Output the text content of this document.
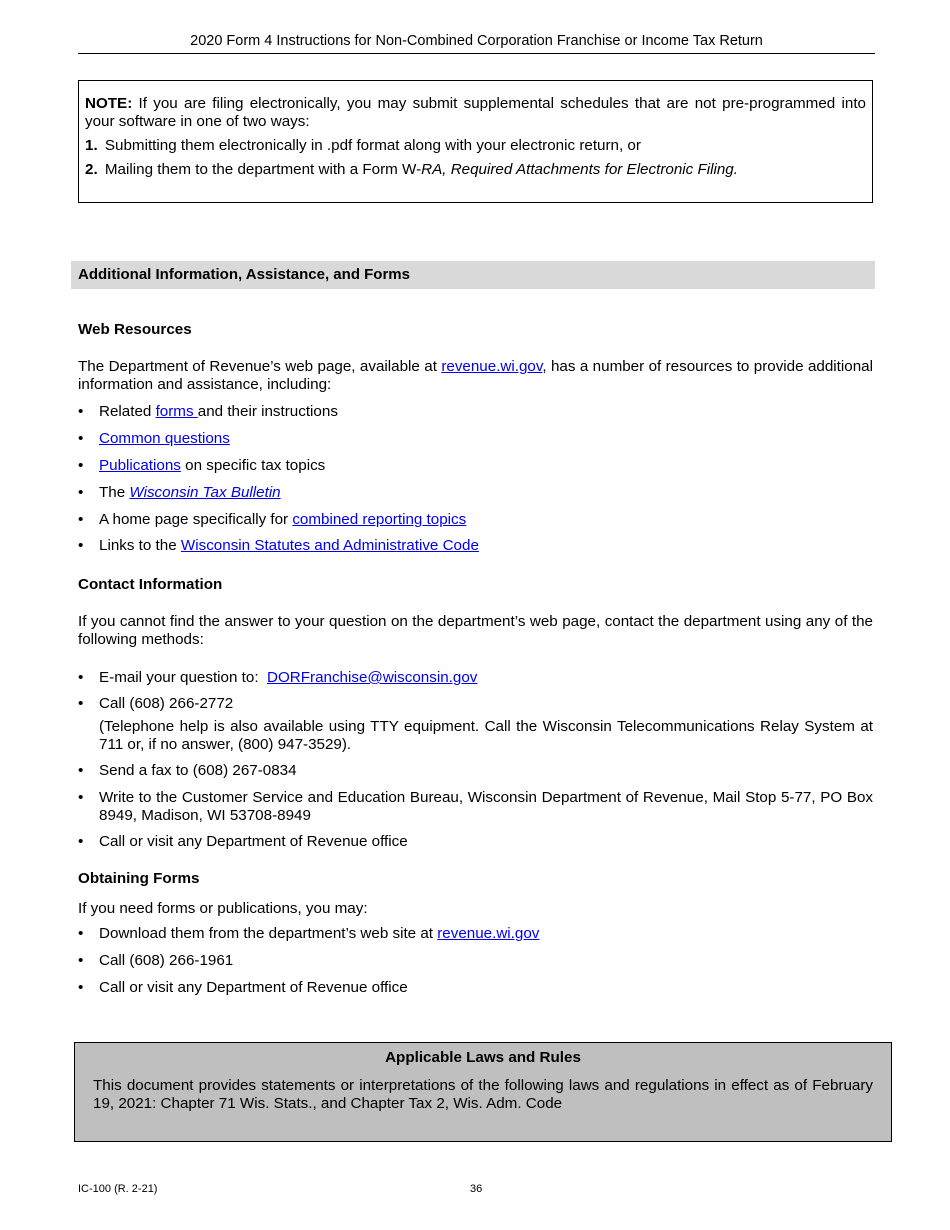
2020 Form 4 Instructions for Non-Combined Corporation Franchise or Income Tax Return

NOTE: If you are filing electronically, you may submit supplemental schedules that are not pre-programmed into your software in one of two ways:

1. Submitting them electronically in .pdf format along with your electronic return, or

2. Mailing them to the department with a Form W-RA, Required Attachments for Electronic Filing.

Additional Information, Assistance, and Forms
Web Resources

The Department of Revenue’s web page, available at revenue.wi.gov, has a number of resources to provide additional information and assistance, including:

• Related forms and their instructions
• Common questions
• Publications on specific tax topics
• The Wisconsin Tax Bulletin
• A home page specifically for combined reporting topics
• Links to the Wisconsin Statutes and Administrative Code
Contact Information

If you cannot find the answer to your question on the department’s web page, contact the department using any of the following methods:

• E-mail your question to:  DORFranchise@wisconsin.gov
• Call (608) 266-2772
(Telephone help is also available using TTY equipment. Call the Wisconsin Telecommunications Relay System at 711 or, if no answer, (800) 947-3529).
• Send a fax to (608) 267-0834
• Write to the Customer Service and Education Bureau, Wisconsin Department of Revenue, Mail Stop 5-77, PO Box 8949, Madison, WI 53708-8949
• Call or visit any Department of Revenue office
Obtaining Forms

If you need forms or publications, you may:

• Download them from the department’s web site at revenue.wi.gov
• Call (608) 266-1961
• Call or visit any Department of Revenue office

Applicable Laws and Rules

This document provides statements or interpretations of the following laws and regulations in effect as of February 19, 2021: Chapter 71 Wis. Stats., and Chapter Tax 2, Wis. Adm. Code

IC-100 (R. 2-21)	36
